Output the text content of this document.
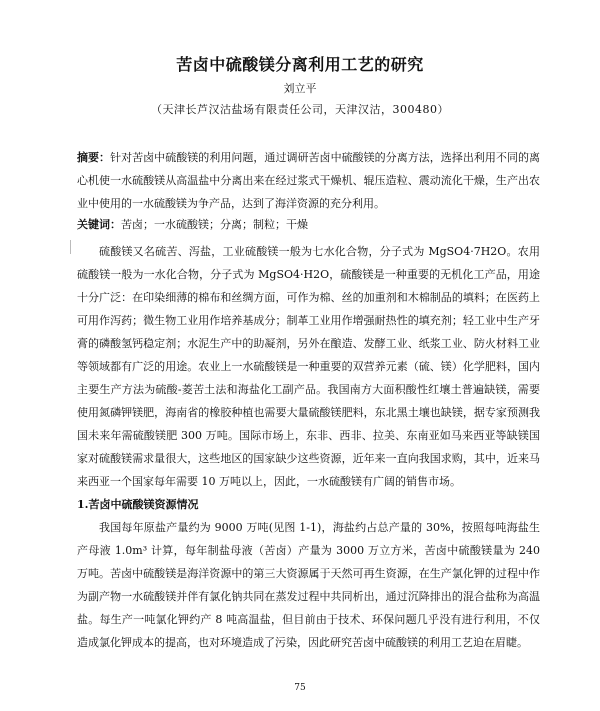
苦卤中硫酸镁分离利用工艺的研究
刘立平
（天津长芦汉沽盐场有限责任公司，天津汉沽，300480）
摘要：针对苦卤中硫酸镁的利用问题，通过调研苦卤中硫酸镁的分离方法，选择出利用不同的离心机使一水硫酸镁从高温盐中分离出来在经过浆式干燥机、辊压造粒、震动流化干燥，生产出农业中使用的一水硫酸镁为争产品，达到了海洋资源的充分利用。
关键词：苦卤；一水硫酸镁；分离；制粒；干燥

硫酸镁又名硫苦、泻盐，工业硫酸镁一般为七水化合物，分子式为 MgSO4·7H2O。农用硫酸镁一般为一水化合物，分子式为 MgSO4·H2O，硫酸镁是一种重要的无机化工产品，用途十分广泛：在印染细薄的棉布和丝绸方面，可作为棉、丝的加重剂和木棉制品的填料；在医药上可用作泻药；微生物工业用作培养基成分；制革工业用作增强耐热性的填充剂；轻工业中生产牙膏的磷酸氢钙稳定剂；水泥生产中的助凝剂，另外在酿造、发酵工业、纸浆工业、防火材料工业等领域都有广泛的用途。农业上一水硫酸镁是一种重要的双营养元素（硫、镁）化学肥料，国内主要生产方法为硫酸-菱苦土法和海盐化工副产品。我国南方大面积酸性红壤土普遍缺镁，需要使用氮磷钾镁肥，海南省的橡胶种植也需要大量硫酸镁肥料，东北黑土壤也缺镁，据专家预测我国未来年需硫酸镁肥 300 万吨。国际市场上，东非、西非、拉美、东南亚如马来西亚等缺镁国家对硫酸镁需求量很大，这些地区的国家缺少这些资源，近年来一直向我国求购，其中，近来马来西亚一个国家每年需要 10 万吨以上，因此，一水硫酸镁有广阔的销售市场。

1.苦卤中硫酸镁资源情况

我国每年原盐产量约为 9000 万吨(见图 1-1)，海盐约占总产量的 30%，按照每吨海盐生产母液 1.0m³ 计算，每年制盐母液（苦卤）产量为 3000 万立方米，苦卤中硫酸镁量为 240 万吨。苦卤中硫酸镁是海洋资源中的第三大资源属于天然可再生资源，在生产氯化钾的过程中作为副产物一水硫酸镁并伴有氯化钠共同在蒸发过程中共同析出，通过沉降排出的混合盐称为高温盐。每生产一吨氯化钾约产 8 吨高温盐，但目前由于技术、环保问题几乎没有进行利用，不仅造成氯化钾成本的提高，也对环境造成了污染，因此研究苦卤中硫酸镁的利用工艺迫在眉睫。

75
